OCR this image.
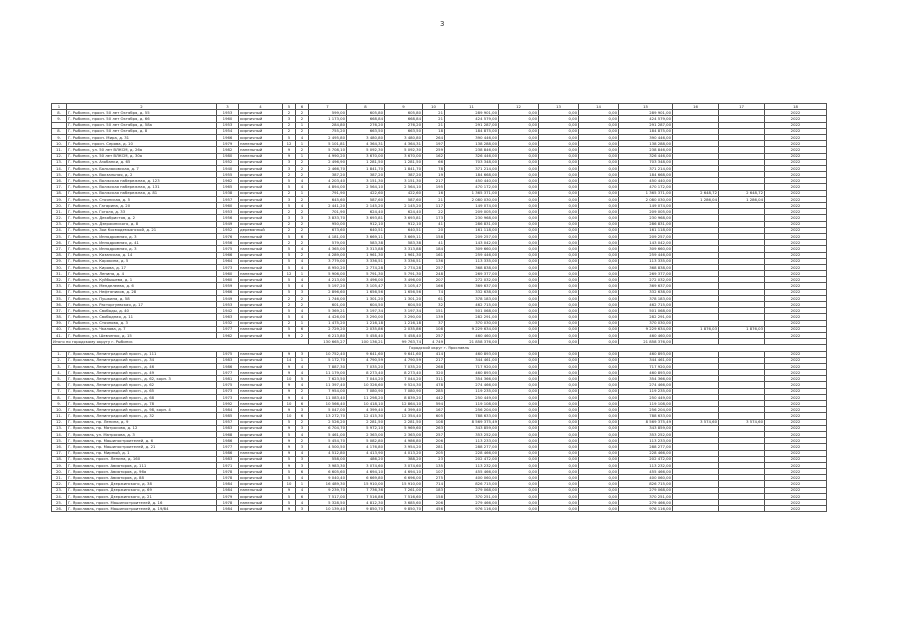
3
1	2	3	4	5	6	7	8	9	10	11	12	13	14	15	16	17	18
8.	Г. Рыбинск, просп. 50 лет Октября, д. 55	1953	кирпичный	2	2	599,00	605,80	605,80	21	289 901,00	0,00	0,00	0,00	289 901,00			2022
9.	Г. Рыбинск, просп. 50 лет Октября, д. 66	1960	кирпичный	3	2	1 173,00	668,84	668,84	21	424 579,00	0,00	0,00	0,00	424 579,00			2022
	Г. Рыбинск, просп. 50 лет Октября, д. 58а	1953	кирпичный	2	1	284,80	276,20	276,20	21	291 287,00	0,00	0,00	0,00	291 287,00			2022
8.	Г. Рыбинск, просп. 50 лет Октября, д. 8	1954	кирпичный	2	2	755,20	663,50	663,50	18	184 875,00	0,00	0,00	0,00	184 875,00			2022
9.	Г. Рыбинск, просп. Мира, д. 31	1966	кирпичный	5	4	2 495,80	3 480,80	3 480,80	264	390 446,00	0,00	0,00	0,00	390 446,00			2022
10.	Г. Рыбинск, просп. Серова, д. 10	1979	панельный	12	1	5 101,81	4 364,31	4 364,31	197	138 288,00	0,00	0,00	0,00	138 288,00			2022
11.	Г. Рыбинск, ул. 50 лет ВЛКСМ, д. 26а	1982	панельный	9	2	5 708,10	5 092,30	5 092,30	259	238 846,00	0,00	0,00	0,00	238 846,00			2022
12.	Г. Рыбинск, ул. 50 лет ВЛКСМ, д. 30а	1980	панельный	9	1	4 990,20	3 670,00	3 670,00	162	326 446,00	0,00	0,00	0,00	326 446,00			2022
13.	Г. Рыбинск, ул. Азобанки, д. 65	1952	кирпичный	3	2	2 496,90	1 281,50	1 281,50	66	703 348,00	0,00	0,00	0,00	703 348,00			2022
14.	Г. Рыбинск, ул. Бальзаковская, д. 7	1940	кирпичный	3	2	2 466,70	1 841,70	1 841,70	78	371 214,00	0,00	0,00	0,00	371 214,00			2022
15.	Г. Рыбинск, ул. Вокзальная, д. 2	1955	кирпичный	2	2	387,20	387,20	387,20	19	184 668,00	0,00	0,00	0,00	184 668,00			2022
16.	Г. Рыбинск, ул. Волжская набережная, д. 123	1962	кирпичный	5	4	4 203,40	3 151,30	3 151,30	217	450 440,00	0,00	0,00	0,00	450 440,00			2022
17.	Г. Рыбинск, ул. Волжская набережная, д. 131	1965	кирпичный	5	4	4 894,00	2 564,10	2 564,10	195	470 172,00	0,00	0,00	0,00	470 172,00			2022
18.	Г. Рыбинск, ул. Волжская набережная, д. 81	1938	кирпичный	2	1	791,90	422,60	422,60	16	1 365 371,00	0,00	0,00	0,00	1 365 371,00	2 648,72	2 648,72	2022
19.	Г. Рыбинск, ул. Стоянская, д. 5	1957	кирпичный	3	2	645,60	587,60	587,60	21	2 080 030,00	0,00	0,00	0,00	2 080 030,00	1 286,04	1 286,04	2022
20.	Г. Рыбинск, ул. Гагарина, д. 20	1960	кирпичный	5	4	2 441,20	2 145,20	2 145,20	117	149 074,00	0,00	0,00	0,00	149 074,00			2022
21.	Г. Рыбинск, ул. Гоголя, д. 33	1953	кирпичный	2	2	701,90	624,40	624,40	22	209 005,00	0,00	0,00	0,00	209 005,00			2022
22.	Г. Рыбинск, ул. Декабристов, д. 2	1956	кирпичный	3	3	3 833,70	3 693,81	3 693,81	173	230 968,00	0,00	0,00	0,00	230 968,00			2022
23.	Г. Рыбинск, ул. Дзержинского, д. 8	1949	кирпичный	2	2	950,00	912,10	912,10	41	286 831,00	0,00	0,00	0,00	286 831,00			2022
24.	Г. Рыбинск, ул. Зои Космодемьянской, д. 21	1952	деревянный	2	2	673,60	640,51	640,51	20	161 118,00	0,00	0,00	0,00	161 118,00			2022
25.	Г. Рыбинск, ул. Ипподромная, д. 3	1976	панельный	5	6	4 181,00	3 669,11	3 669,11	158	209 257,00	0,00	0,00	0,00	209 257,00			2022
26.	Г. Рыбинск, ул. Ипподромная, д. 41	1956	кирпичный	2	2	579,00	583,38	583,38	41	143 042,00	0,00	0,00	0,00	143 042,00			2022
27.	Г. Рыбинск, ул. Ипподромная, д. 3	1975	панельный	5	4	4 365,00	3 313,88	3 313,88	184	309 660,00	0,00	0,00	0,00	309 660,00			2022
28.	Г. Рыбинск, ул. Казанская, д. 14	1966	кирпичный	5	2	4 289,00	1 961,30	1 961,30	161	259 446,00	0,00	0,00	0,00	259 446,00			2022
29.	Г. Рыбинск, ул. Карякина, д. 5	1964	кирпичный	5	4	3 779,00	3 336,51	3 336,51	136	113 335,00	0,00	0,00	0,00	113 335,00			2022
30.	Г. Рыбинск, ул. Кирова, д. 17	1973	панельный	5	4	8 950,20	2 774,28	2 774,28	257	368 838,00	0,00	0,00	0,00	368 838,00			2022
31.	Г. Рыбинск, ул. Ленина, д. 4	1960	панельный	12	1	5 906,00	5 791,30	5 791,30	248	269 377,00	0,00	0,00	0,00	269 377,00			2022
32.	Г. Рыбинск, ул. Куйбышева, д. 1	1960	кирпичный	5	4	4 213,00	3 496,00	3 496,00	207	272 032,00	0,00	0,00	0,00	272 032,00			2022
33.	Г. Рыбинск, ул. Менделеева, д. 6	1959	кирпичный	5	4	5 197,20	3 105,47	3 105,47	166	369 637,00	0,00	0,00	0,00	369 637,00			2022
34.	Г. Рыбинск, ул. Нефтяников, д. 28	1966	кирпичный	5	3	2 896,60	1 656,56	1 656,56	74	332 638,00	0,00	0,00	0,00	332 638,00			2022
35.	Г. Рыбинск, ул. Пушкина, д. 58	1949	кирпичный	2	2	1 746,00	1 301,20	1 301,20	61	378 183,00	0,00	0,00	0,00	378 183,00			2022
36.	Г. Рыбинск, ул. Расторгуевская, д. 17	1953	кирпичный	2	2	601,00	604,50	604,50	32	462 715,00	0,00	0,00	0,00	462 715,00			2022
37.	Г. Рыбинск, ул. Свободы, д. 40	1942	кирпичный	5	4	5 369,21	3 197,34	3 197,34	151	501 068,00	0,00	0,00	0,00	501 068,00			2022
38.	Г. Рыбинск, ул. Свободная, д. 11	1963	кирпичный	5	4	4 426,00	3 290,00	3 290,00	139	282 291,00	0,00	0,00	0,00	282 291,00			2022
39.	Г. Рыбинск, ул. Стоянова, д. 3	1932	кирпичный	2	1	1 475,20	1 216,18	1 216,18	37	370 030,00	0,00	0,00	0,00	370 030,00			2022
40.	Г. Рыбинск, ул. Чкалова, д. 7	1977	панельный	5	6	2 729,20	2 035,86	2 035,86	108	9 229 634,00	0,00	0,00	0,00	9 229 634,00	1 876,03	1 876,03	2022
41.	Г. Рыбинск, ул. Шевченко, д. 15	1962	кирпичный	9	2	6 213,80	5 458,40	5 458,40	257	460 460,00	0,00	0,00	0,00	460 460,00			2022
Итого по городскому округу г. Рыбинск						130 665,27	100 136,21	99 763,74	4 749	21 858 376,00	0,00	0,00	0,00	21 858 376,00			
Городской округ г. Ярославль																	
1.	Г. Ярославль, Ленинградский просп., д. 111	1975	панельный	9	3	10 752,40	9 641,60	9 641,60	414	460 893,00	0,00	0,00	0,00	460 893,00			2022
2.	Г. Ярославль, Ленинградский просп., д. 34	1983	кирпичный	14	1	5 172,70	4 790,59	4 790,59	217	344 461,00	0,00	0,00	0,00	344 461,00			2022
3.	Г. Ярославль, Ленинградский просп., д. 46	1986	панельный	9	4	7 887,30	7 035,20	7 035,20	268	717 920,00	0,00	0,00	0,00	717 920,00			2022
4.	Г. Ярославль, Ленинградский просп., д. 49	1977	панельный	9	4	11 179,00	8 273,40	8 273,40	320	460 893,00	0,00	0,00	0,00	460 893,00			2022
5.	Г. Ярославль, Ленинградский просп., д. 62, корп. 3	1981	панельный	10	5	7 623,50	7 044,20	7 044,20	311	354 366,00	0,00	0,00	0,00	354 366,00			2022
6.	Г. Ярославль, Ленинградский просп., д. 62	1975	панельный	9	4	11 397,40	10 326,60	9 524,30	478	274 466,00	0,00	0,00	0,00	274 466,00			2022
7.	Г. Ярославль, Ленинградский просп., д. 65	1973	панельный	9	2	7 954,00	7 080,90	7 080,90	285	119 235,00	0,00	0,00	0,00	119 235,00			2022
8.	Г. Ярославль, Ленинградский просп., д. 68	1973	панельный	9	4	11 083,40	11 298,20	8 839,20	442	250 449,00	0,00	0,00	0,00	250 449,00			2022
9.	Г. Ярославль, Ленинградский просп., д. 78	1992	панельный	10	6	10 566,40	10 418,10	12 864,10	594	119 108,00	0,00	0,00	0,00	119 108,00			2022
10.	Г. Ярославль, Ленинградский просп., д. 98, корп. 4	1984	панельный	9	3	5 047,00	4 399,40	4 399,40	167	256 204,00	0,00	0,00	0,00	256 204,00			2022
11.	Г. Ярославль, Ленинградский просп., д. 32	1985	панельный	10	6	13 272,70	12 415,30	12 354,40	605	788 633,00	0,00	0,00	0,00	788 633,00			2022
12.	Г. Ярославль, пр. Ленина, д. 9	1957	кирпичный	5	2	2 526,20	2 281,50	2 281,50	108	8 569 375,49	0,00	0,00	0,00	8 569 375,49	3 574,60	3 574,60	2022
13.	Г. Ярославль, пр. Матросова, д. 12	1983	кирпичный	9	3	6 704,70	5 972,10	5 969,60	263	343 859,00	0,00	0,00	0,00	343 859,00			2022
14.	Г. Ярославль, ул. Матросова, д. 3	1968	кирпичный	5	4	5 461,00	2 363,00	2 363,00	257	353 252,00	0,00	0,00	0,00	353 252,00			2022
15.	Г. Ярославль, пр. Машиностроителей, д. 6	1986	кирпичный	9	2	5 454,70	5 082,80	4 986,80	206	113 233,00	0,00	0,00	0,00	113 233,00			2022
16.	Г. Ярославль, пр. Машиностроителей, д. 21	1977	кирпичный	9	3	4 500,50	4 176,80	3 954,20	281	288 277,00	0,00	0,00	0,00	288 277,00			2022
17.	Г. Ярославль, пр. Мирный, д. 1	1986	панельный	9	4	4 512,80	4 413,90	4 013,20	205	228 466,00	0,00	0,00	0,00	228 466,00			2022
18.	Г. Ярославль, просп. Ленина, д. 160	1983	кирпичный	5	3	558,00	486,20	388,20	23	202 472,00	0,00	0,00	0,00	202 472,00			2022
19.	Г. Ярославль, просп. Авиаторов, д. 111	1971	кирпичный	9	3	3 983,30	3 074,60	3 074,60	135	113 232,00	0,00	0,00	0,00	113 232,00			2022
20.	Г. Ярославль, просп. Авиаторов, д. 96а	1978	кирпичный	5	6	6 605,60	4 694,10	4 694,10	107	455 466,00	0,00	0,00	0,00	455 466,00			2022
21.	Г. Ярославль, просп. Авиаторов, д. 88	1978	кирпичный	5	4	9 040,40	6 669,80	6 696,00	275	400 060,00	0,00	0,00	0,00	400 060,00			2022
22.	Г. Ярославль, просп. Дзержинского, д. 38	1984	кирпичный	10	1	16 489,30	15 910,00	15 910,00	714	826 715,00	0,00	0,00	0,00	826 715,00			2022
23.	Г. Ярославль, просп. Дзержинского, д. 69	1984	панельный	9	4	9 239,70	7 736,36	7 261,00	183	279 068,00	0,00	0,00	0,00	279 068,00			2022
24.	Г. Ярославль, просп. Дзержинского, д. 21	1979	кирпичный	5	6	7 517,00	7 516,86	7 516,60	158	370 251,00	0,00	0,00	0,00	370 251,00			2022
25.	Г. Ярославль, просп. Машиностроителей, д. 16	1978	панельный	5	4	5 328,50	4 812,30	3 685,60	206	279 466,00	0,00	0,00	0,00	279 466,00			2022
26.	Г. Ярославль, просп. Машиностроителей, д. 19/84	1984	кирпичный	9	3	10 139,40	9 850,70	9 850,70	456	976 116,00	0,00	0,00	0,00	976 116,00			2022
